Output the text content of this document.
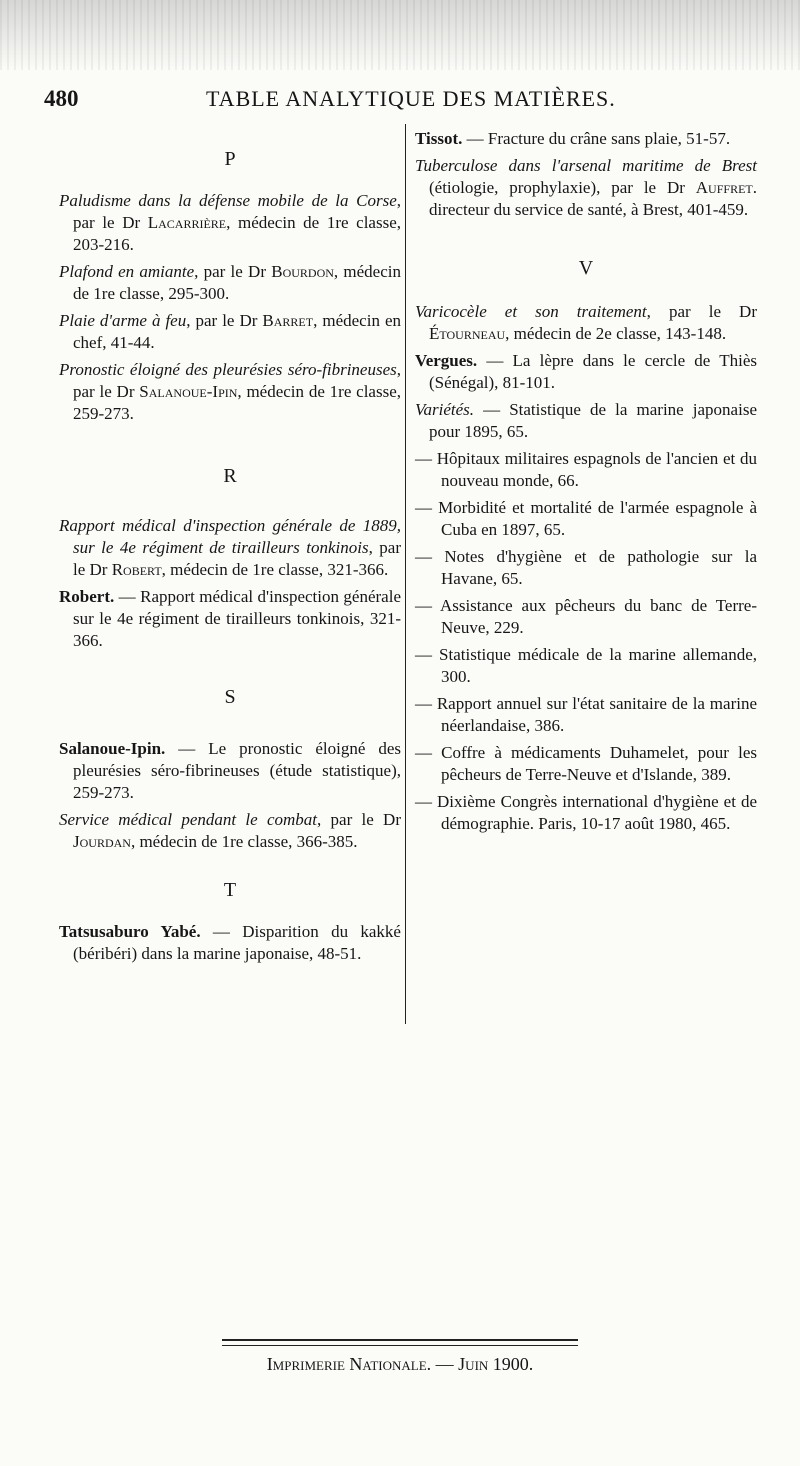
480	TABLE ANALYTIQUE DES MATIÈRES.

P

Paludisme dans la défense mobile de la Corse, par le Dr Lacarrière, médecin de 1re classe, 203-216.

Plafond en amiante, par le Dr Bourdon, médecin de 1re classe, 295-300.

Plaie d'arme à feu, par le Dr Barret, médecin en chef, 41-44.

Pronostic éloigné des pleurésies séro-fibrineuses, par le Dr Salanoue-Ipin, médecin de 1re classe, 259-273.

R

Rapport médical d'inspection générale de 1889, sur le 4e régiment de tirailleurs tonkinois, par le Dr Robert, médecin de 1re classe, 321-366.

Robert. — Rapport médical d'inspection générale sur le 4e régiment de tirailleurs tonkinois, 321-366.

S

Salanoue-Ipin. — Le pronostic éloigné des pleurésies séro-fibrineuses (étude statistique), 259-273.

Service médical pendant le combat, par le Dr Jourdan, médecin de 1re classe, 366-385.

T

Tatsusaburo Yabé. — Disparition du kakké (béribéri) dans la marine japonaise, 48-51.

Tissot. — Fracture du crâne sans plaie, 51-57.

Tuberculose dans l'arsenal maritime de Brest (étiologie, prophylaxie), par le Dr Auffret. directeur du service de santé, à Brest, 401-459.

V

Varicocèle et son traitement, par le Dr Étourneau, médecin de 2e classe, 143-148.

Vergues. — La lèpre dans le cercle de Thiès (Sénégal), 81-101.

Variétés. — Statistique de la marine japonaise pour 1895, 65.

— Hôpitaux militaires espagnols de l'ancien et du nouveau monde, 66.

— Morbidité et mortalité de l'armée espagnole à Cuba en 1897, 65.

— Notes d'hygiène et de pathologie sur la Havane, 65.

— Assistance aux pêcheurs du banc de Terre-Neuve, 229.

— Statistique médicale de la marine allemande, 300.

— Rapport annuel sur l'état sanitaire de la marine néerlandaise, 386.

— Coffre à médicaments Duhamelet, pour les pêcheurs de Terre-Neuve et d'Islande, 389.

— Dixième Congrès international d'hygiène et de démographie. Paris, 10-17 août 1980, 465.

Imprimerie Nationale. — Juin 1900.
